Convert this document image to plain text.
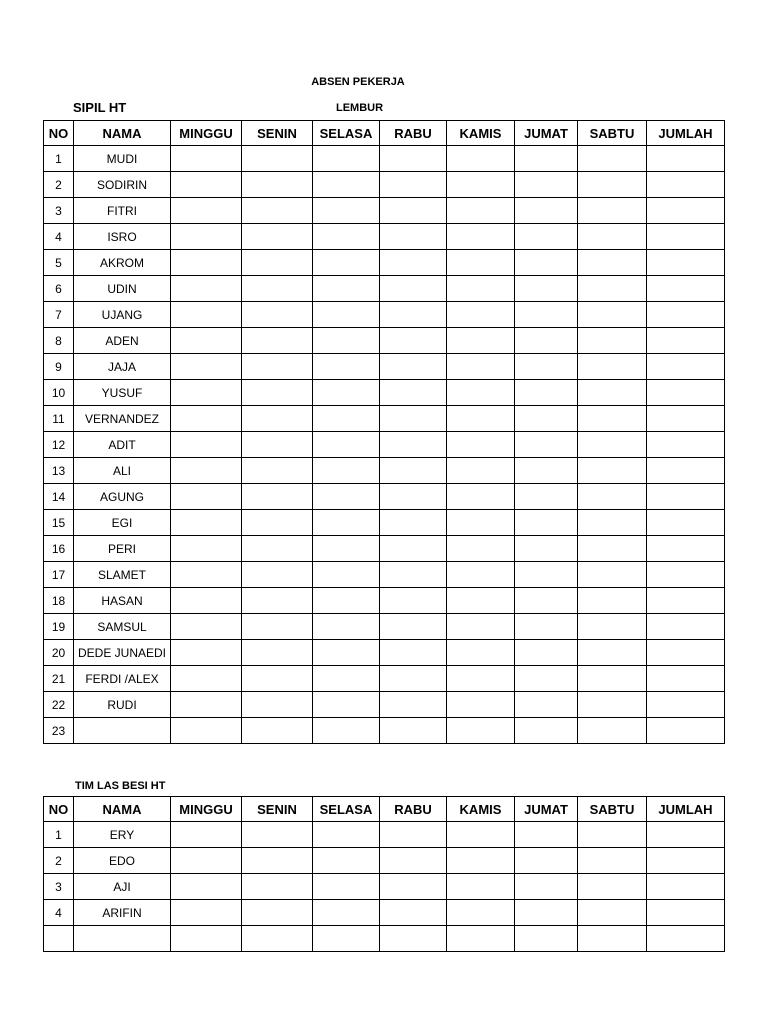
ABSEN PEKERJA
SIPIL HT	LEMBUR
NO	NAMA	MINGGU	SENIN	SELASA	RABU	KAMIS	JUMAT	SABTU	JUMLAH
1	MUDI								
2	SODIRIN								
3	FITRI								
4	ISRO								
5	AKROM								
6	UDIN								
7	UJANG								
8	ADEN								
9	JAJA								
10	YUSUF								
11	VERNANDEZ								
12	ADIT								
13	ALI								
14	AGUNG								
15	EGI								
16	PERI								
17	SLAMET								
18	HASAN								
19	SAMSUL								
20	DEDE JUNAEDI								
21	FERDI /ALEX								
22	RUDI								
23									
TIM LAS BESI HT
NO	NAMA	MINGGU	SENIN	SELASA	RABU	KAMIS	JUMAT	SABTU	JUMLAH
1	ERY								
2	EDO								
3	AJI								
4	ARIFIN								
